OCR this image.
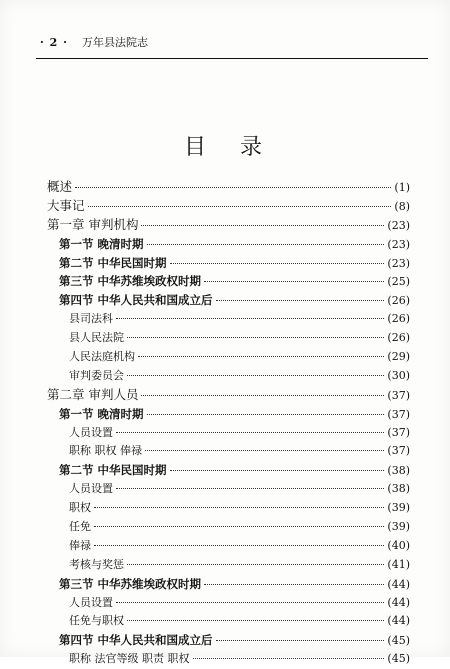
· 2 · 万年县法院志
目录
概述	(1)
大事记	(8)
第一章 审判机构	(23)
第一节 晚清时期	(23)
第二节 中华民国时期	(23)
第三节 中华苏维埃政权时期	(25)
第四节 中华人民共和国成立后	(26)
县司法科	(26)
县人民法院	(26)
人民法庭机构	(29)
审判委员会	(30)
第二章 审判人员	(37)
第一节 晚清时期	(37)
人员设置	(37)
职称 职权 俸禄	(37)
第二节 中华民国时期	(38)
人员设置	(38)
职权	(39)
任免	(39)
俸禄	(40)
考核与奖惩	(41)
第三节 中华苏维埃政权时期	(44)
人员设置	(44)
任免与职权	(44)
第四节 中华人民共和国成立后	(45)
职称 法官等级 职责 职权	(45)
